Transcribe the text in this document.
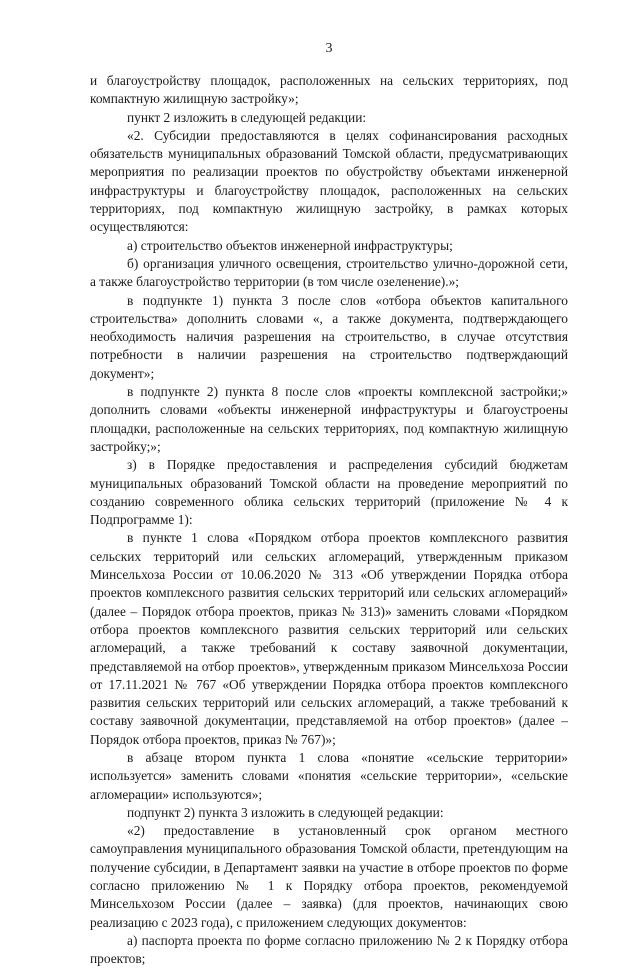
3

и благоустройству площадок, расположенных на сельских территориях, под компактную жилищную застройку»;

пункт 2 изложить в следующей редакции:

«2. Субсидии предоставляются в целях софинансирования расходных обязательств муниципальных образований Томской области, предусматривающих мероприятия по реализации проектов по обустройству объектами инженерной инфраструктуры и благоустройству площадок, расположенных на сельских территориях, под компактную жилищную застройку, в рамках которых осуществляются:

а) строительство объектов инженерной инфраструктуры;

б) организация уличного освещения, строительство улично-дорожной сети, а также благоустройство территории (в том числе озеленение).»;

в подпункте 1) пункта 3 после слов «отбора объектов капитального строительства» дополнить словами «, а также документа, подтверждающего необходимость наличия разрешения на строительство, в случае отсутствия потребности в наличии разрешения на строительство подтверждающий документ»;

в подпункте 2) пункта 8 после слов «проекты комплексной застройки;» дополнить словами «объекты инженерной инфраструктуры и благоустроены площадки, расположенные на сельских территориях, под компактную жилищную застройку;»;

з) в Порядке предоставления и распределения субсидий бюджетам муниципальных образований Томской области на проведение мероприятий по созданию современного облика сельских территорий (приложение № 4 к Подпрограмме 1):

в пункте 1 слова «Порядком отбора проектов комплексного развития сельских территорий или сельских агломераций, утвержденным приказом Минсельхоза России от 10.06.2020 № 313 «Об утверждении Порядка отбора проектов комплексного развития сельских территорий или сельских агломераций» (далее – Порядок отбора проектов, приказ № 313)» заменить словами «Порядком отбора проектов комплексного развития сельских территорий или сельских агломераций, а также требований к составу заявочной документации, представляемой на отбор проектов», утвержденным приказом Минсельхоза России от 17.11.2021 № 767 «Об утверждении Порядка отбора проектов комплексного развития сельских территорий или сельских агломераций, а также требований к составу заявочной документации, представляемой на отбор проектов» (далее – Порядок отбора проектов, приказ № 767)»;

в абзаце втором пункта 1 слова «понятие «сельские территории» используется» заменить словами «понятия «сельские территории», «сельские агломерации» используются»;

подпункт 2) пункта 3 изложить в следующей редакции:

«2) предоставление в установленный срок органом местного самоуправления муниципального образования Томской области, претендующим на получение субсидии, в Департамент заявки на участие в отборе проектов по форме согласно приложению № 1 к Порядку отбора проектов, рекомендуемой Минсельхозом России (далее – заявка) (для проектов, начинающих свою реализацию с 2023 года), с приложением следующих документов:

а) паспорта проекта по форме согласно приложению № 2 к Порядку отбора проектов;
